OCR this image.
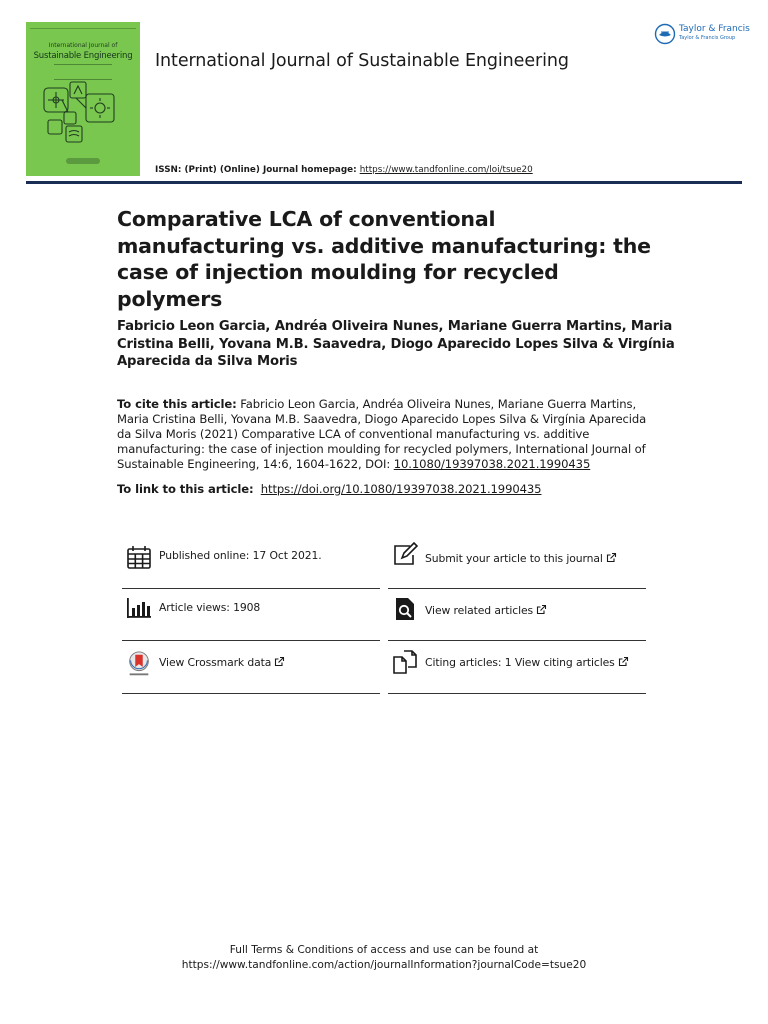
International Journal of
Sustainable Engineering	International Journal of Sustainable Engineering
Taylor & Francis
Taylor & Francis Group
ISSN: (Print) (Online) Journal homepage: https://www.tandfonline.com/loi/tsue20
Comparative LCA of conventional manufacturing vs. additive manufacturing: the case of injection moulding for recycled polymers

Fabricio Leon Garcia, Andréa Oliveira Nunes, Mariane Guerra Martins, Maria Cristina Belli, Yovana M.B. Saavedra, Diogo Aparecido Lopes Silva & Virgínia Aparecida da Silva Moris

To cite this article: Fabricio Leon Garcia, Andréa Oliveira Nunes, Mariane Guerra Martins, Maria Cristina Belli, Yovana M.B. Saavedra, Diogo Aparecido Lopes Silva & Virgínia Aparecida da Silva Moris (2021) Comparative LCA of conventional manufacturing vs. additive manufacturing: the case of injection moulding for recycled polymers, International Journal of Sustainable Engineering, 14:6, 1604-1622, DOI: 10.1080/19397038.2021.1990435

To link to this article: https://doi.org/10.1080/19397038.2021.1990435
Published online: 17 Oct 2021.	Submit your article to this journal
Article views: 1908	View related articles
View Crossmark data	Citing articles: 1 View citing articles
Full Terms & Conditions of access and use can be found at
https://www.tandfonline.com/action/journalInformation?journalCode=tsue20
